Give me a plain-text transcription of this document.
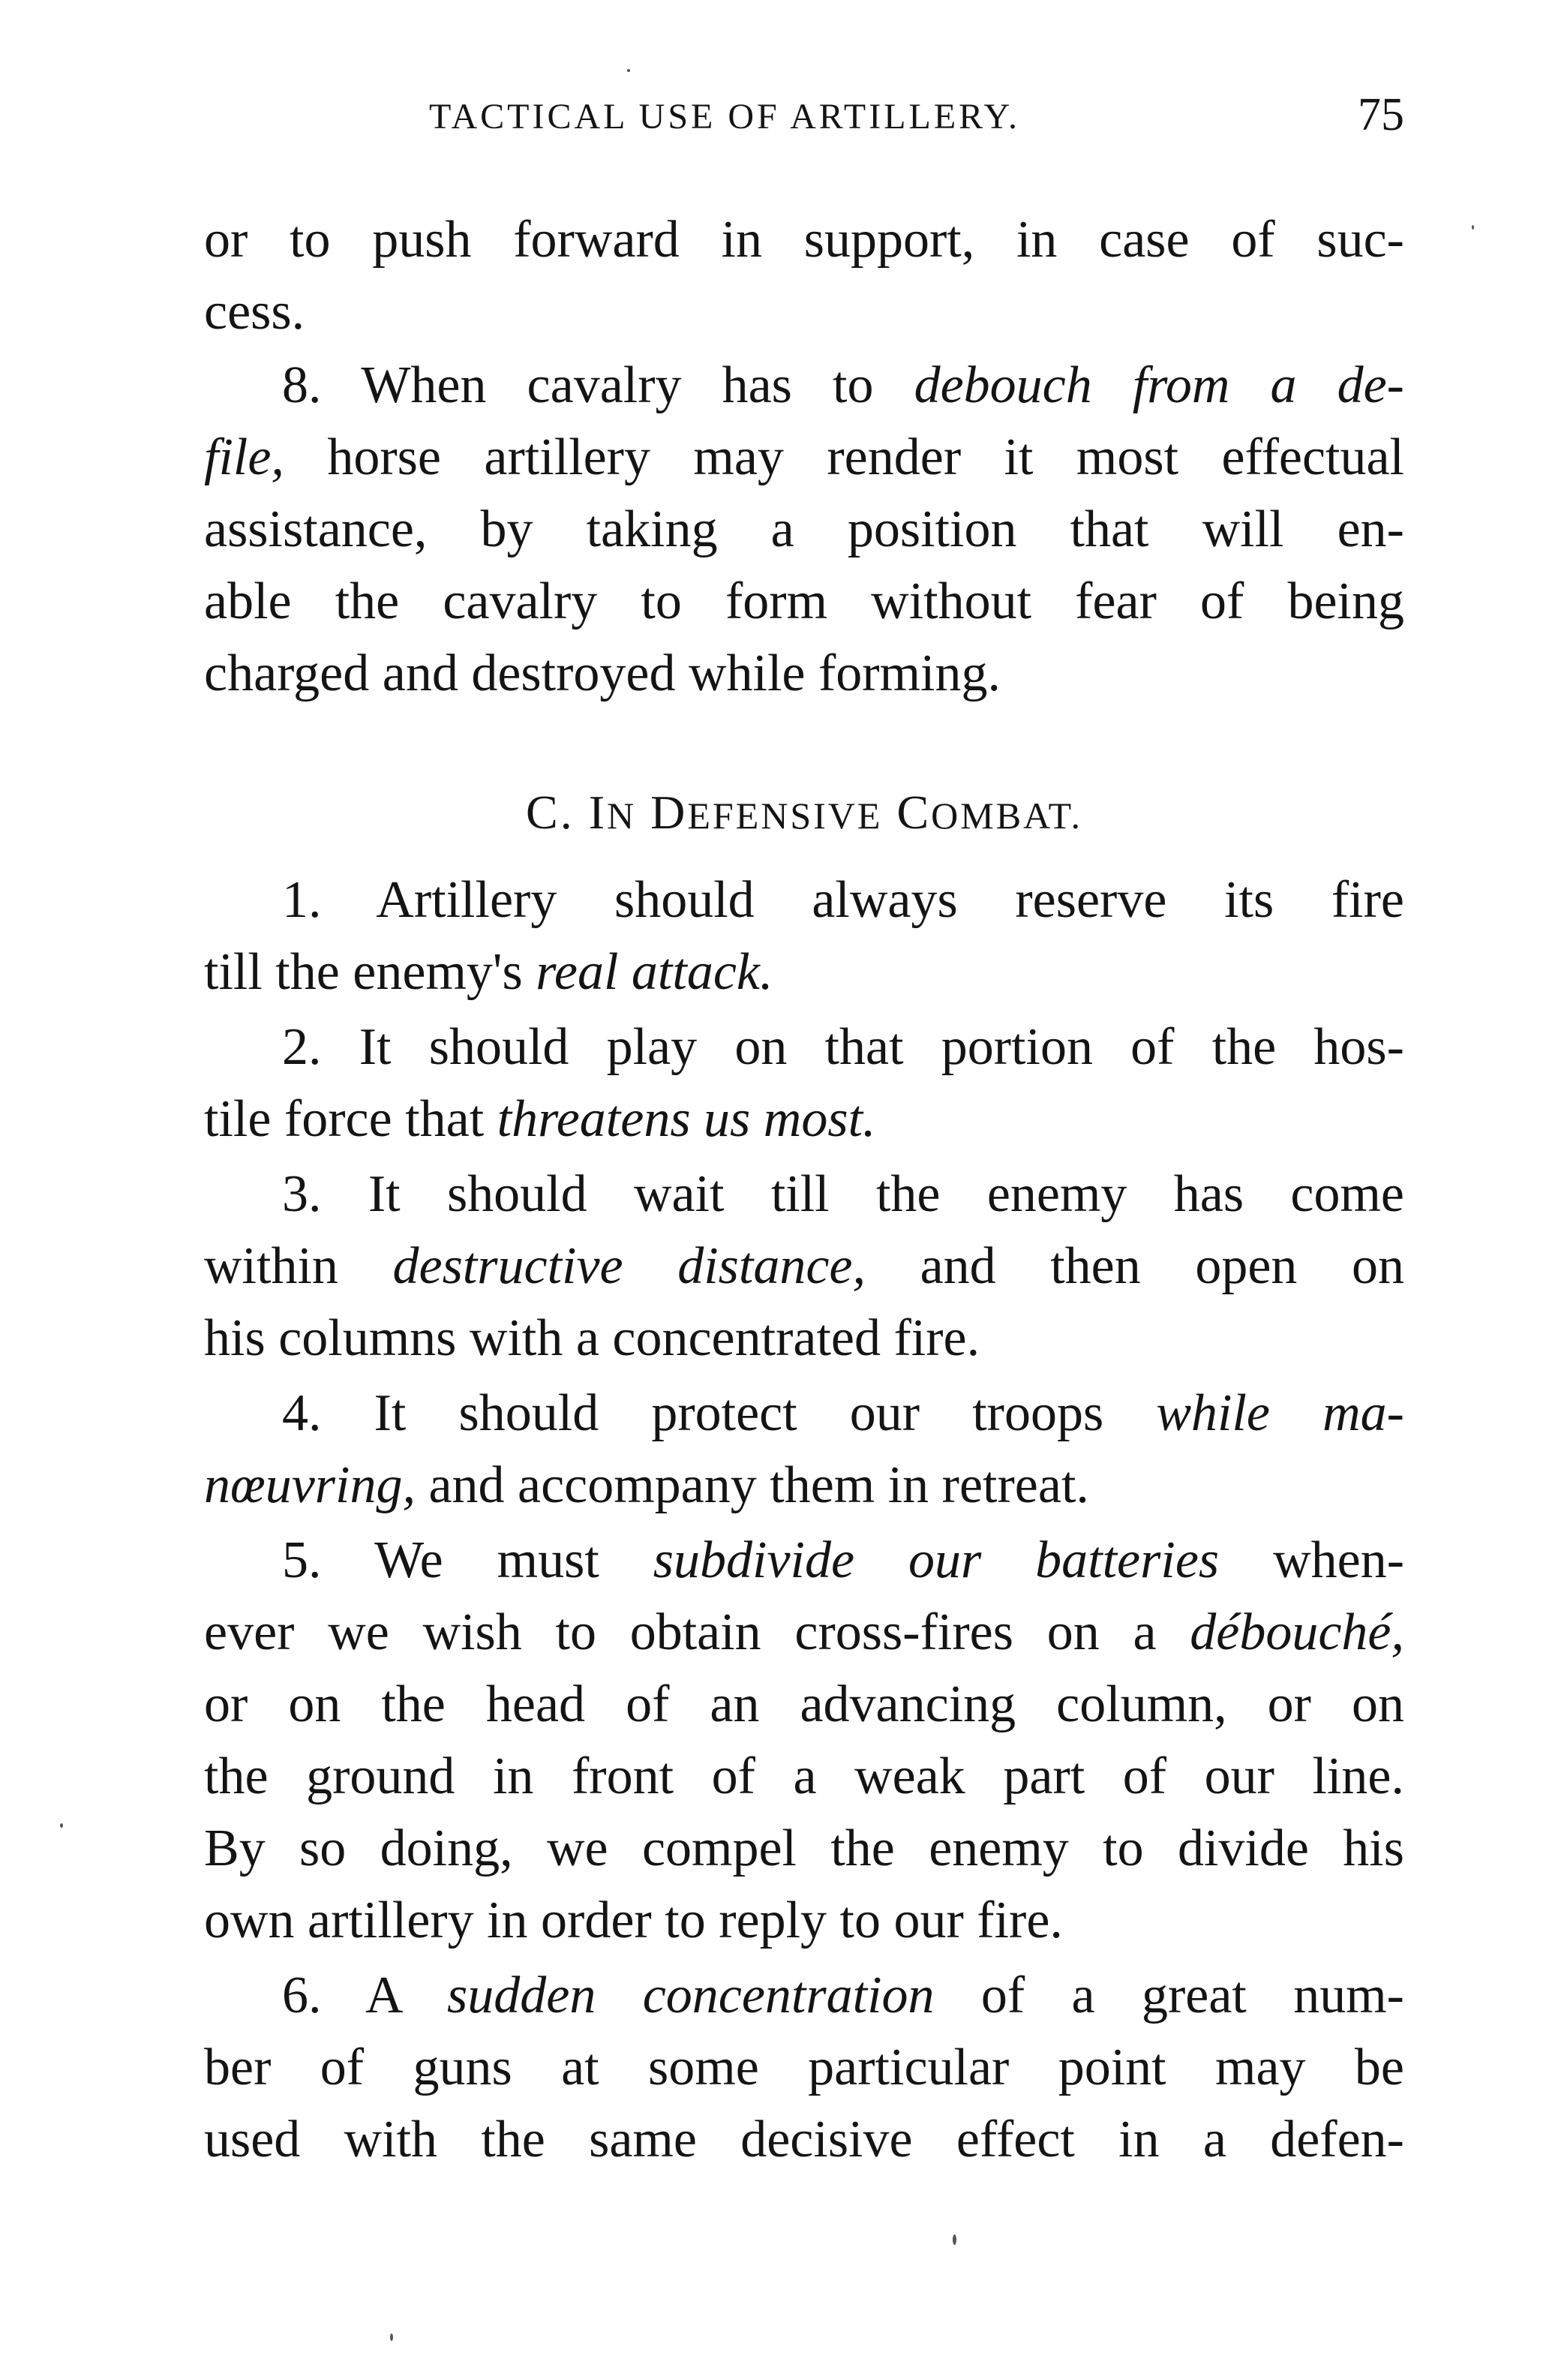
TACTICAL USE OF ARTILLERY.	75
or to push forward in support, in case of suc-
cess.
8. When cavalry has to debouch from a de-
file, horse artillery may render it most effectual
assistance, by taking a position that will en-
able the cavalry to form without fear of being
charged and destroyed while forming.
C. IN DEFENSIVE COMBAT.
1. Artillery should always reserve its fire
till the enemy's real attack.
2. It should play on that portion of the hos-
tile force that threatens us most.
3. It should wait till the enemy has come
within destructive distance, and then open on
his columns with a concentrated fire.
4. It should protect our troops while ma-
nœuvring, and accompany them in retreat.
5. We must subdivide our batteries when-
ever we wish to obtain cross-fires on a débouché,
or on the head of an advancing column, or on
the ground in front of a weak part of our line.
By so doing, we compel the enemy to divide his
own artillery in order to reply to our fire.
6. A sudden concentration of a great num-
ber of guns at some particular point may be
used with the same decisive effect in a defen-
